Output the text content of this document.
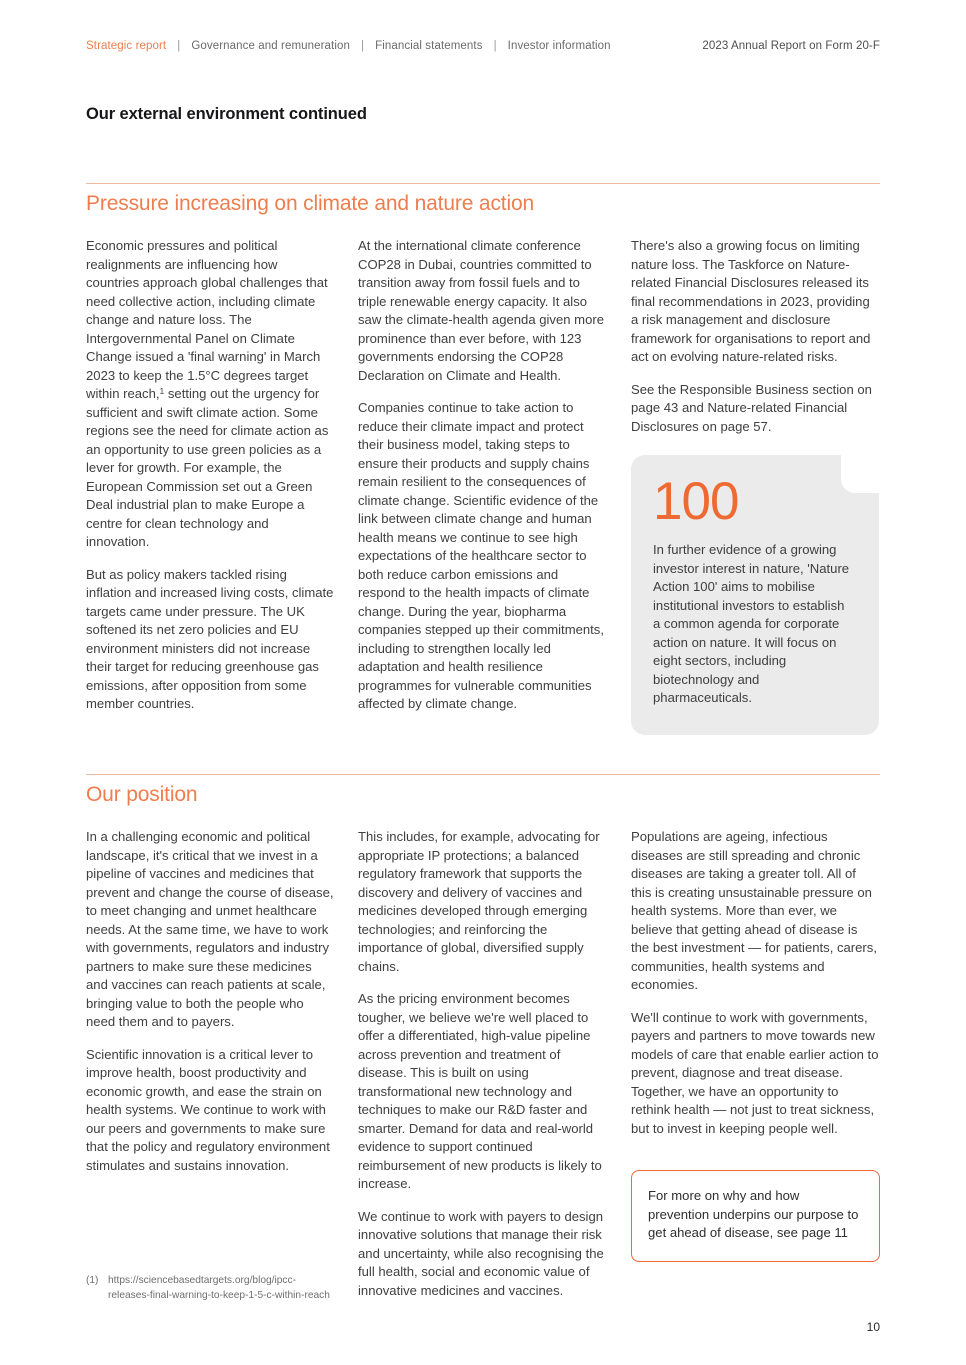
Strategic report | Governance and remuneration | Financial statements | Investor information	2023 Annual Report on Form 20-F
Our external environment continued
Pressure increasing on climate and nature action

Economic pressures and political realignments are influencing how countries approach global challenges that need collective action, including climate change and nature loss. The Intergovernmental Panel on Climate Change issued a 'final warning' in March 2023 to keep the 1.5°C degrees target within reach,$^1$ setting out the urgency for sufficient and swift climate action. Some regions see the need for climate action as an opportunity to use green policies as a lever for growth. For example, the European Commission set out a Green Deal industrial plan to make Europe a centre for clean technology and innovation.

But as policy makers tackled rising inflation and increased living costs, climate targets came under pressure. The UK softened its net zero policies and EU environment ministers did not increase their target for reducing greenhouse gas emissions, after opposition from some member countries.

At the international climate conference COP28 in Dubai, countries committed to transition away from fossil fuels and to triple renewable energy capacity. It also saw the climate-health agenda given more prominence than ever before, with 123 governments endorsing the COP28 Declaration on Climate and Health.

Companies continue to take action to reduce their climate impact and protect their business model, taking steps to ensure their products and supply chains remain resilient to the consequences of climate change. Scientific evidence of the link between climate change and human health means we continue to see high expectations of the healthcare sector to both reduce carbon emissions and respond to the health impacts of climate change. During the year, biopharma companies stepped up their commitments, including to strengthen locally led adaptation and health resilience programmes for vulnerable communities affected by climate change.

There's also a growing focus on limiting nature loss. The Taskforce on Nature-related Financial Disclosures released its final recommendations in 2023, providing a risk management and disclosure framework for organisations to report and act on evolving nature-related risks.

See the Responsible Business section on page 43 and Nature-related Financial Disclosures on page 57.

100
In further evidence of a growing investor interest in nature, 'Nature Action 100' aims to mobilise institutional investors to establish a common agenda for corporate action on nature. It will focus on eight sectors, including biotechnology and pharmaceuticals.
Our position

In a challenging economic and political landscape, it's critical that we invest in a pipeline of vaccines and medicines that prevent and change the course of disease, to meet changing and unmet healthcare needs. At the same time, we have to work with governments, regulators and industry partners to make sure these medicines and vaccines can reach patients at scale, bringing value to both the people who need them and to payers.

Scientific innovation is a critical lever to improve health, boost productivity and economic growth, and ease the strain on health systems. We continue to work with our peers and governments to make sure that the policy and regulatory environment stimulates and sustains innovation.

This includes, for example, advocating for appropriate IP protections; a balanced regulatory framework that supports the discovery and delivery of vaccines and medicines developed through emerging technologies; and reinforcing the importance of global, diversified supply chains.

As the pricing environment becomes tougher, we believe we're well placed to offer a differentiated, high-value pipeline across prevention and treatment of disease. This is built on using transformational new technology and techniques to make our R&D faster and smarter. Demand for data and real-world evidence to support continued reimbursement of new products is likely to increase.

We continue to work with payers to design innovative solutions that manage their risk and uncertainty, while also recognising the full health, social and economic value of innovative medicines and vaccines.

Populations are ageing, infectious diseases are still spreading and chronic diseases are taking a greater toll. All of this is creating unsustainable pressure on health systems. More than ever, we believe that getting ahead of disease is the best investment — for patients, carers, communities, health systems and economies.

We'll continue to work with governments, payers and partners to move towards new models of care that enable earlier action to prevent, diagnose and treat disease. Together, we have an opportunity to rethink health — not just to treat sickness, but to invest in keeping people well.

For more on why and how prevention underpins our purpose to get ahead of disease, see page 11
(1) https://sciencebasedtargets.org/blog/ipcc-releases-final-warning-to-keep-1-5-c-within-reach
10
